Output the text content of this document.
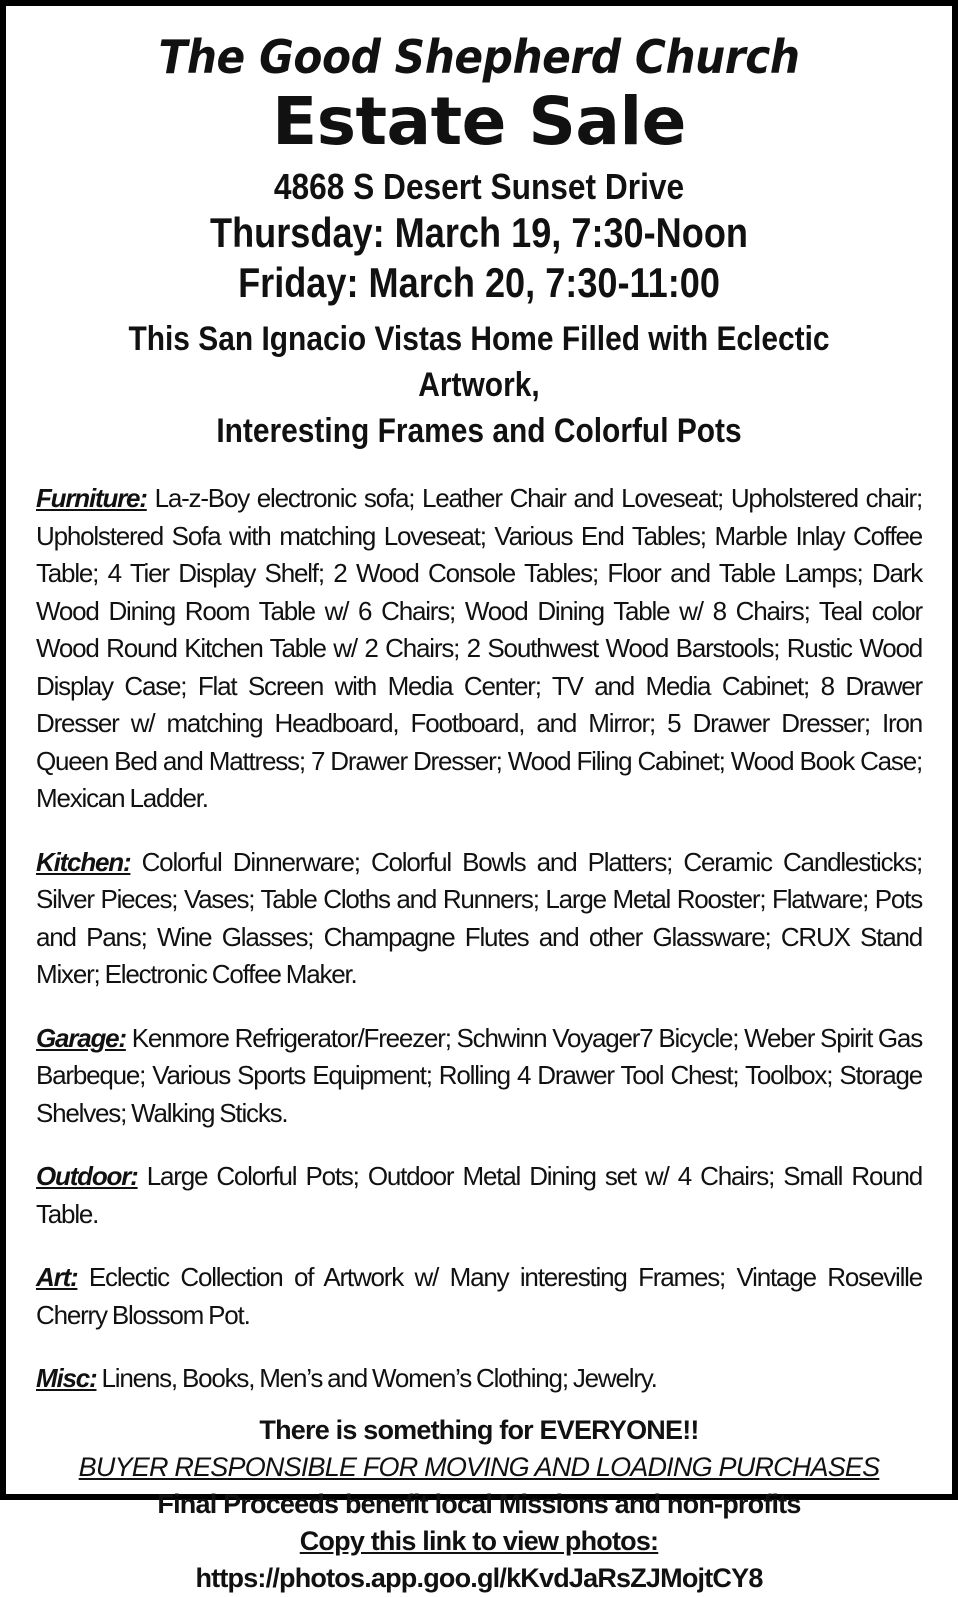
The Good Shepherd Church
Estate Sale
4868 S Desert Sunset Drive
Thursday: March 19, 7:30-Noon
Friday: March 20, 7:30-11:00
This San Ignacio Vistas Home Filled with Eclectic Artwork,
Interesting Frames and Colorful Pots

Furniture: La-z-Boy electronic sofa; Leather Chair and Loveseat; Upholstered chair; Upholstered Sofa with matching Loveseat; Various End Tables; Marble Inlay Coffee Table; 4 Tier Display Shelf; 2 Wood Console Tables; Floor and Table Lamps; Dark Wood Dining Room Table w/ 6 Chairs; Wood Dining Table w/ 8 Chairs; Teal color Wood Round Kitchen Table w/ 2 Chairs; 2 Southwest Wood Barstools; Rustic Wood Display Case; Flat Screen with Media Center; TV and Media Cabinet; 8 Drawer Dresser w/ matching Headboard, Footboard, and Mirror; 5 Drawer Dresser; Iron Queen Bed and Mattress; 7 Drawer Dresser; Wood Filing Cabinet; Wood Book Case; Mexican Ladder.

Kitchen: Colorful Dinnerware; Colorful Bowls and Platters; Ceramic Candlesticks; Silver Pieces; Vases; Table Cloths and Runners; Large Metal Rooster; Flatware; Pots and Pans; Wine Glasses; Champagne Flutes and other Glassware; CRUX Stand Mixer; Electronic Coffee Maker.

Garage: Kenmore Refrigerator/Freezer; Schwinn Voyager7 Bicycle; Weber Spirit Gas Barbeque; Various Sports Equipment; Rolling 4 Drawer Tool Chest; Toolbox; Storage Shelves; Walking Sticks.

Outdoor: Large Colorful Pots; Outdoor Metal Dining set w/ 4 Chairs; Small Round Table.

Art: Eclectic Collection of Artwork w/ Many interesting Frames; Vintage Roseville Cherry Blossom Pot.

Misc: Linens, Books, Men’s and Women’s Clothing; Jewelry.

There is something for EVERYONE!!
BUYER RESPONSIBLE FOR MOVING AND LOADING PURCHASES
Final Proceeds benefit local Missions and non-profits
Copy this link to view photos:
https://photos.app.goo.gl/kKvdJaRsZJMojtCY8
